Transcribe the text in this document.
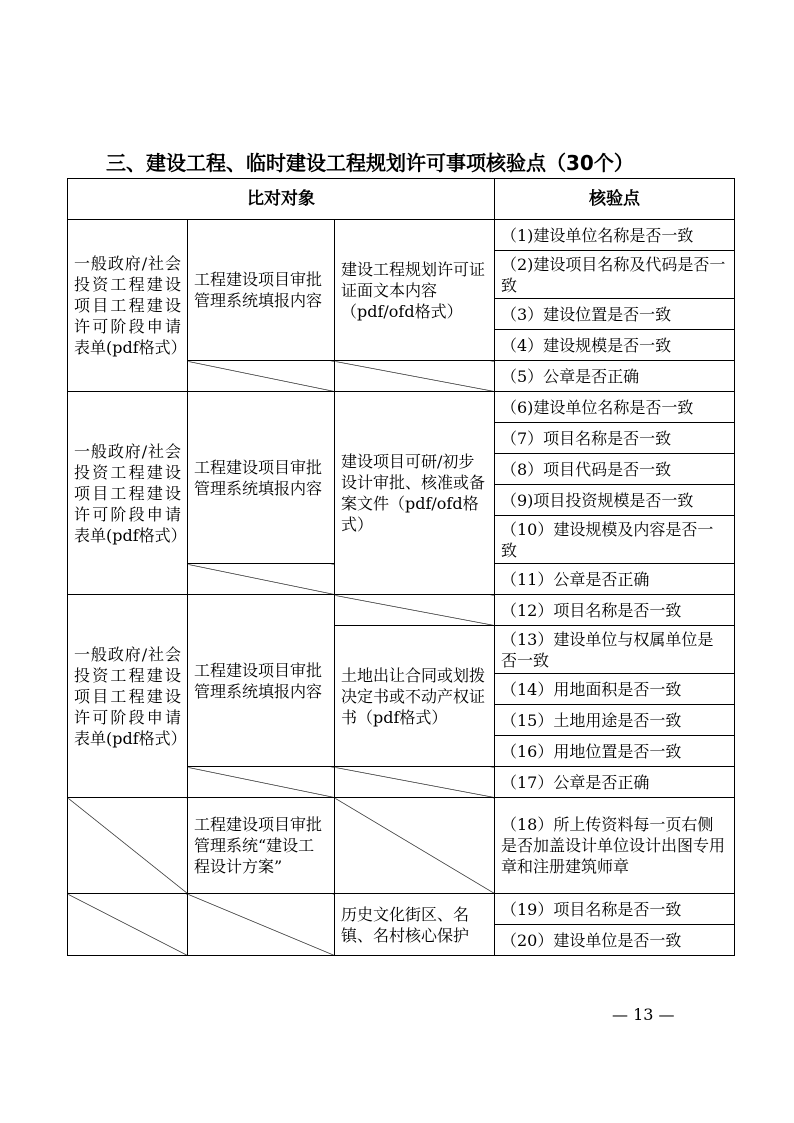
三、建设工程、临时建设工程规划许可事项核验点（30个）
比对对象			核验点
一般政府/社会投资工程建设项目工程建设许可阶段申请表单(pdf格式）	工程建设项目审批管理系统填报内容	建设工程规划许可证证面文本内容（pdf/ofd格式）	（1)建设单位名称是否一致
			（2)建设项目名称及代码是否一致
			（3）建设位置是否一致
			（4）建设规模是否一致
			（5）公章是否正确
一般政府/社会投资工程建设项目工程建设许可阶段申请表单(pdf格式）	工程建设项目审批管理系统填报内容	建设项目可研/初步设计审批、核准或备案文件（pdf/ofd格式）	（6)建设单位名称是否一致
			（7）项目名称是否一致
			（8）项目代码是否一致
			（9)项目投资规模是否一致
			（10）建设规模及内容是否一致
			（11）公章是否正确
一般政府/社会投资工程建设项目工程建设许可阶段申请表单(pdf格式）	工程建设项目审批管理系统填报内容		（12）项目名称是否一致
		土地出让合同或划拨决定书或不动产权证书（pdf格式）	（13）建设单位与权属单位是否一致
			（14）用地面积是否一致
			（15）土地用途是否一致
			（16）用地位置是否一致
			（17）公章是否正确
	工程建设项目审批管理系统“建设工程设计方案”		（18）所上传资料每一页右侧是否加盖设计单位设计出图专用章和注册建筑师章
		历史文化街区、名镇、名村核心保护	（19）项目名称是否一致
			（20）建设单位是否一致
— 13 —
